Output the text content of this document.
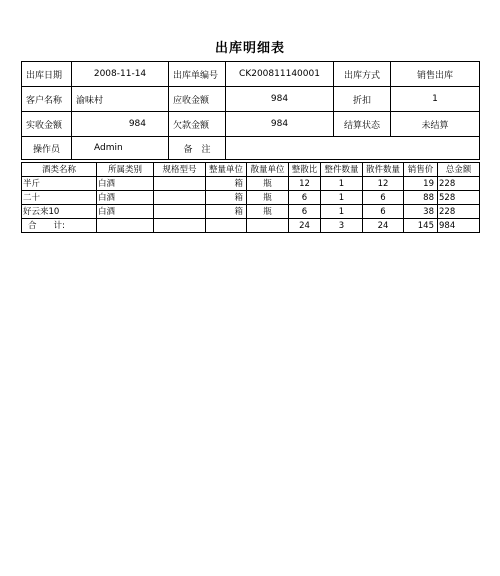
出库明细表
出库日期	2008-11-14	出库单编号	CK200811140001	出库方式	销售出库
客户名称	渝味村	应收金额	984	折扣	1
实收金额	984	欠款金额	984	结算状态	未结算
操作员	Admin	备　注			
酒类名称	所属类别	规格型号	整量单位	散量单位	整散比	整件数量	散件数量	销售价	总金额
半斤	白酒		箱	瓶	12	1	12	19	228
二十	白酒		箱	瓶	6	1	6	88	528
好云来10	白酒		箱	瓶	6	1	6	38	228
合　　计:					24	3	24	145	984
